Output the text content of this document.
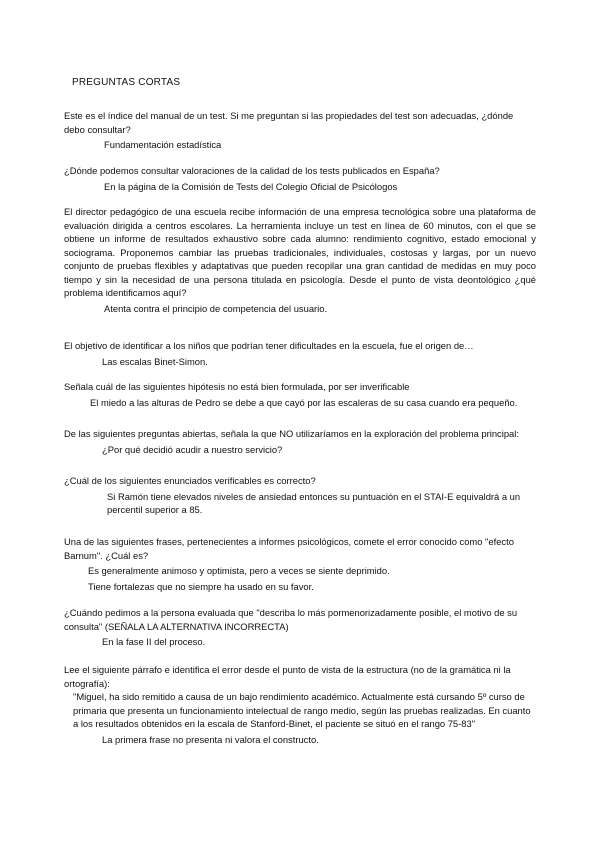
PREGUNTAS CORTAS

Este es el índice del manual de un test. Si me preguntan si las propiedades del test son adecuadas, ¿dónde debo consultar?

Fundamentación estadística

¿Dónde podemos consultar valoraciones de la calidad de los tests publicados en España?

En la página de la Comisión de Tests del Colegio Oficial de Psicólogos

El director pedagógico de una escuela recibe información de una empresa tecnológica sobre una plataforma de evaluación dirigida a centros escolares. La herramienta incluye un test en línea de 60 minutos, con el que se obtiene un informe de resultados exhaustivo sobre cada alumno: rendimiento cognitivo, estado emocional y sociograma. Proponemos cambiar las pruebas tradicionales, individuales, costosas y largas, por un nuevo conjunto de pruebas flexibles y adaptativas que pueden recopilar una gran cantidad de medidas en muy poco tiempo y sin la necesidad de una persona titulada en psicología. Desde el punto de vista deontológico ¿qué problema identificamos aquí?

Atenta contra el principio de competencia del usuario.

El objetivo de identificar a los niños que podrían tener dificultades en la escuela, fue el origen de…

Las escalas Binet-Simon.

Señala cuál de las siguientes hipótesis no está bien formulada, por ser inverificable

El miedo a las alturas de Pedro se debe a que cayó por las escaleras de su casa cuando era pequeño.

De las siguientes preguntas abiertas, señala la que NO utilizaríamos en la exploración del problema principal:

¿Por qué decidió acudir a nuestro servicio?

¿Cuál de los siguientes enunciados verificables es correcto?

Si Ramón tiene elevados niveles de ansiedad entonces su puntuación en el STAI-E equivaldrá a un percentil superior a 85.

Una de las siguientes frases, pertenecientes a informes psicológicos, comete el error conocido como "efecto Barnum". ¿Cuál es?

Es generalmente animoso y optimista, pero a veces se siente deprimido.

Tiene fortalezas que no siempre ha usado en su favor.

¿Cuándo pedimos a la persona evaluada que "describa lo más pormenorizadamente posible, el motivo de su consulta" (SEÑALA LA ALTERNATIVA INCORRECTA)

En la fase II del proceso.

Lee el siguiente párrafo e identifica el error desde el punto de vista de la estructura (no de la gramática ni la ortografía):

"Miguel, ha sido remitido a causa de un bajo rendimiento académico. Actualmente está cursando 5º curso de primaria que presenta un funcionamiento intelectual de rango medio, según las pruebas realizadas. En cuanto a los resultados obtenidos en la escala de Stanford-Binet, el paciente se situó en el rango 75-83"

La primera frase no presenta ni valora el constructo.
